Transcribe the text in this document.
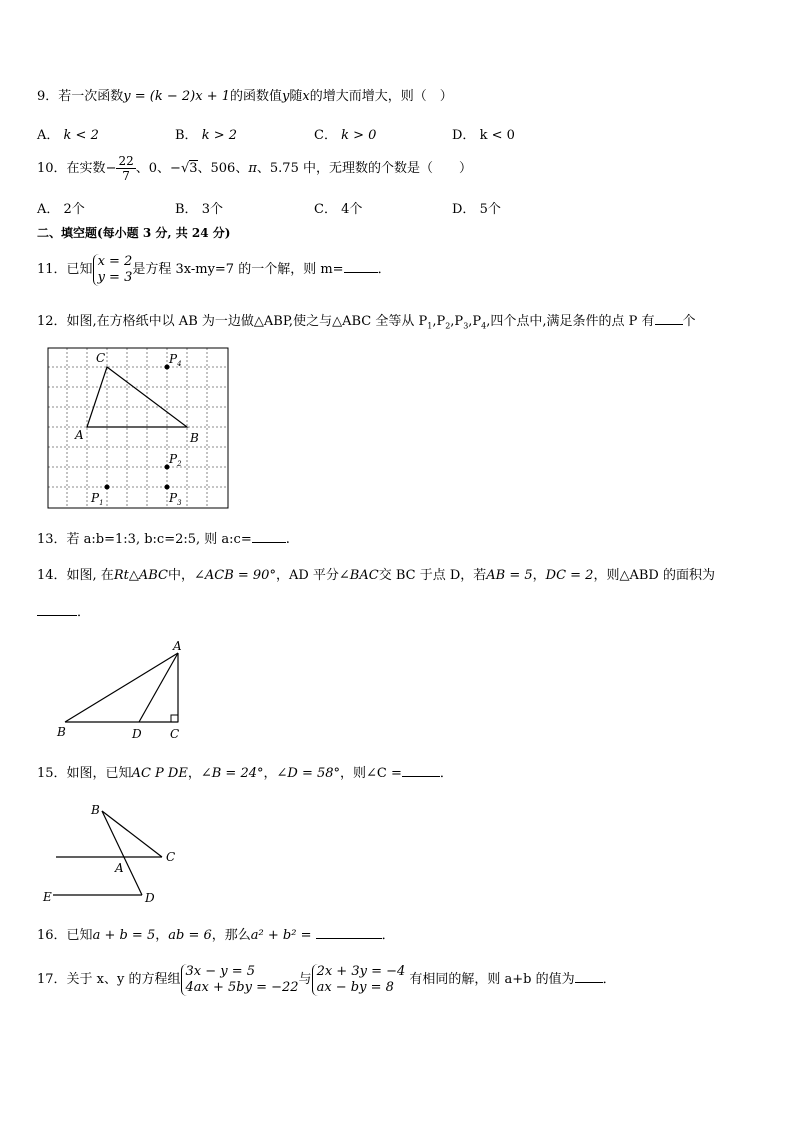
9．若一次函数y = (k − 2)x + 1的函数值y随x的增大而增大，则（　）
A． k < 2	B． k > 2	C． k > 0	D． k < 0
10．在实数− $\frac{22}{7}$ 、0、−√3、506、π、5.75 中，无理数的个数是（　　）
A． 2个	B． 3个	C． 4个	D． 5个
二、填空题(每小题 3 分, 共 24 分)
11．已知
x = 2
y = 3 是方程 3x-my=7 的一个解，则 m=	．
12．如图,在方格纸中以 AB 为一边做△ABP,使之与△ABC 全等从 $P_1,P_2,P_3,P_4$,四个点中,满足条件的点 P 有 个
A	B
C	$P_4$
$P_2$
$P_1$	$P_3$
13．若 a:b=1:3, b:c=2:5, 则 a:c=	.
14．如图, 在Rt△ABC中，∠ACB = 90°，AD 平分∠BAC交 BC 于点 D，若AB = 5，DC = 2，则△ABD 的面积为
．
A
B	D C
15．如图，已知AC P DE，∠B = 24°，∠D = 58°，则∠C =	．
B
C
A
E	D
16．已知a + b = 5，ab = 6，那么a² + b² =	．
17．关于 x、y 的方程组
3x − y = 5
4ax + 5by = −22 与
2x + 3y = −4
ax − by = 8	有相同的解，则 a+b 的值为 ．
